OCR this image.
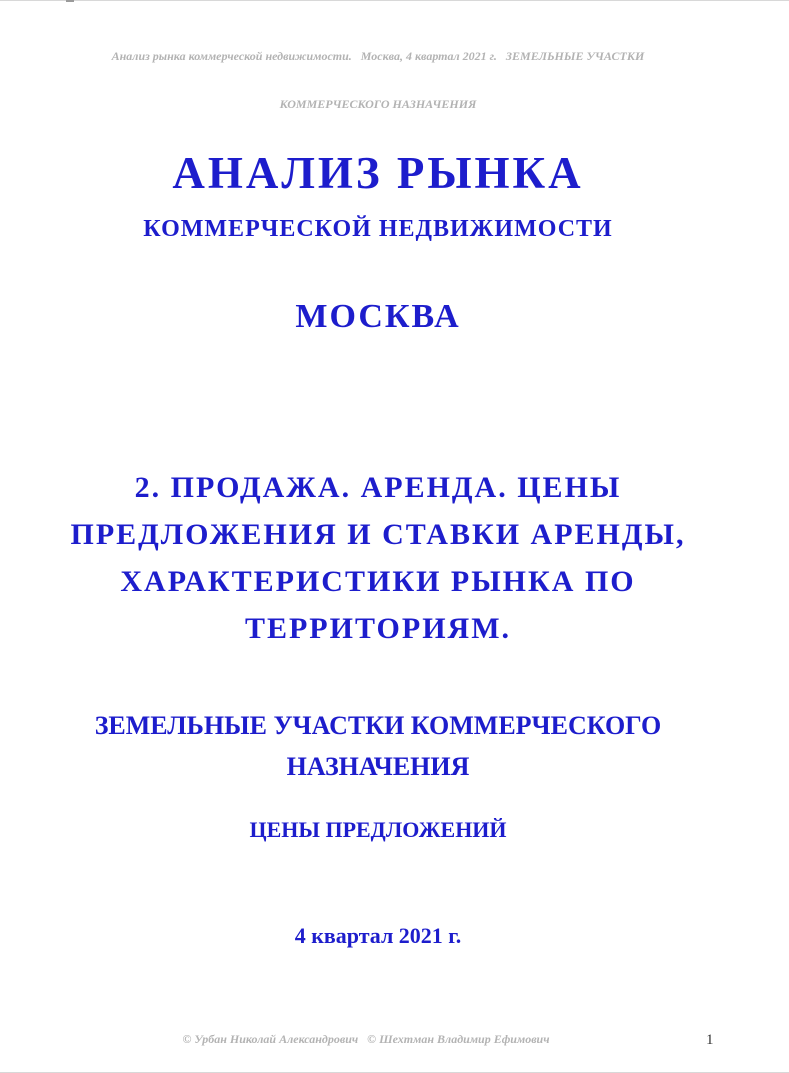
Анализ рынка коммерческой недвижимости.   Москва, 4 квартал 2021 г.   ЗЕМЕЛЬНЫЕ УЧАСТКИ

КОММЕРЧЕСКОГО НАЗНАЧЕНИЯ

АНАЛИЗ РЫНКА
КОММЕРЧЕСКОЙ НЕДВИЖИМОСТИ
МОСКВА
2. ПРОДАЖА. АРЕНДА. ЦЕНЫ
ПРЕДЛОЖЕНИЯ И СТАВКИ АРЕНДЫ,
ХАРАКТЕРИСТИКИ РЫНКА ПО
ТЕРРИТОРИЯМ.
ЗЕМЕЛЬНЫЕ УЧАСТКИ КОММЕРЧЕСКОГО
НАЗНАЧЕНИЯ
ЦЕНЫ ПРЕДЛОЖЕНИЙ
4 квартал 2021 г.
© Урбан Николай Александрович   © Шехтман Владимир Ефимович	1
